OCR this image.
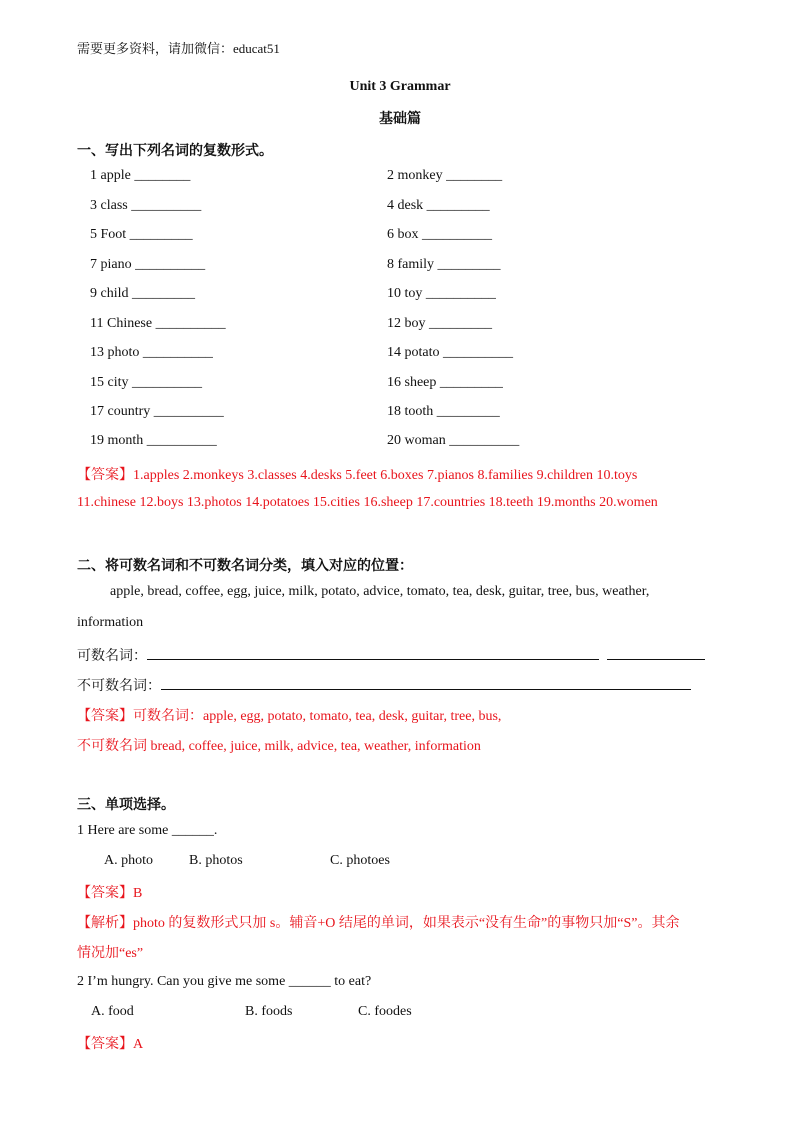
需要更多资料，请加微信：educat51
Unit 3 Grammar
基础篇
一、写出下列名词的复数形式。
1 apple ________	2 monkey ________
3 class __________	4 desk _________
5 Foot _________	6 box __________
7 piano __________	8 family _________
9 child _________	10 toy __________
11 Chinese __________	12 boy _________
13 photo __________	14 potato __________
15 city __________	16 sheep _________
17 country __________	18 tooth _________
19 month __________	20 woman __________
【答案】1.apples 2.monkeys 3.classes 4.desks 5.feet 6.boxes 7.pianos 8.families 9.children 10.toys
11.chinese 12.boys 13.photos 14.potatoes 15.cities 16.sheep 17.countries 18.teeth 19.months 20.women
二、将可数名词和不可数名词分类，填入对应的位置：
apple, bread, coffee, egg, juice, milk, potato, advice, tomato, tea, desk, guitar, tree, bus, weather,
information
可数名词：
不可数名词：
【答案】可数名词：apple, egg, potato, tomato, tea, desk, guitar, tree, bus,
不可数名词 bread, coffee, juice, milk, advice, tea, weather, information
三、单项选择。
1 Here are some ______.
A. photo	B. photos	C. photoes
【答案】B
【解析】photo 的复数形式只加 s。辅音+O 结尾的单词，如果表示“没有生命”的事物只加“S”。其余
情况加“es”
2 I’m hungry. Can you give me some ______ to eat?
A. food	B. foods	C. foodes
【答案】A
